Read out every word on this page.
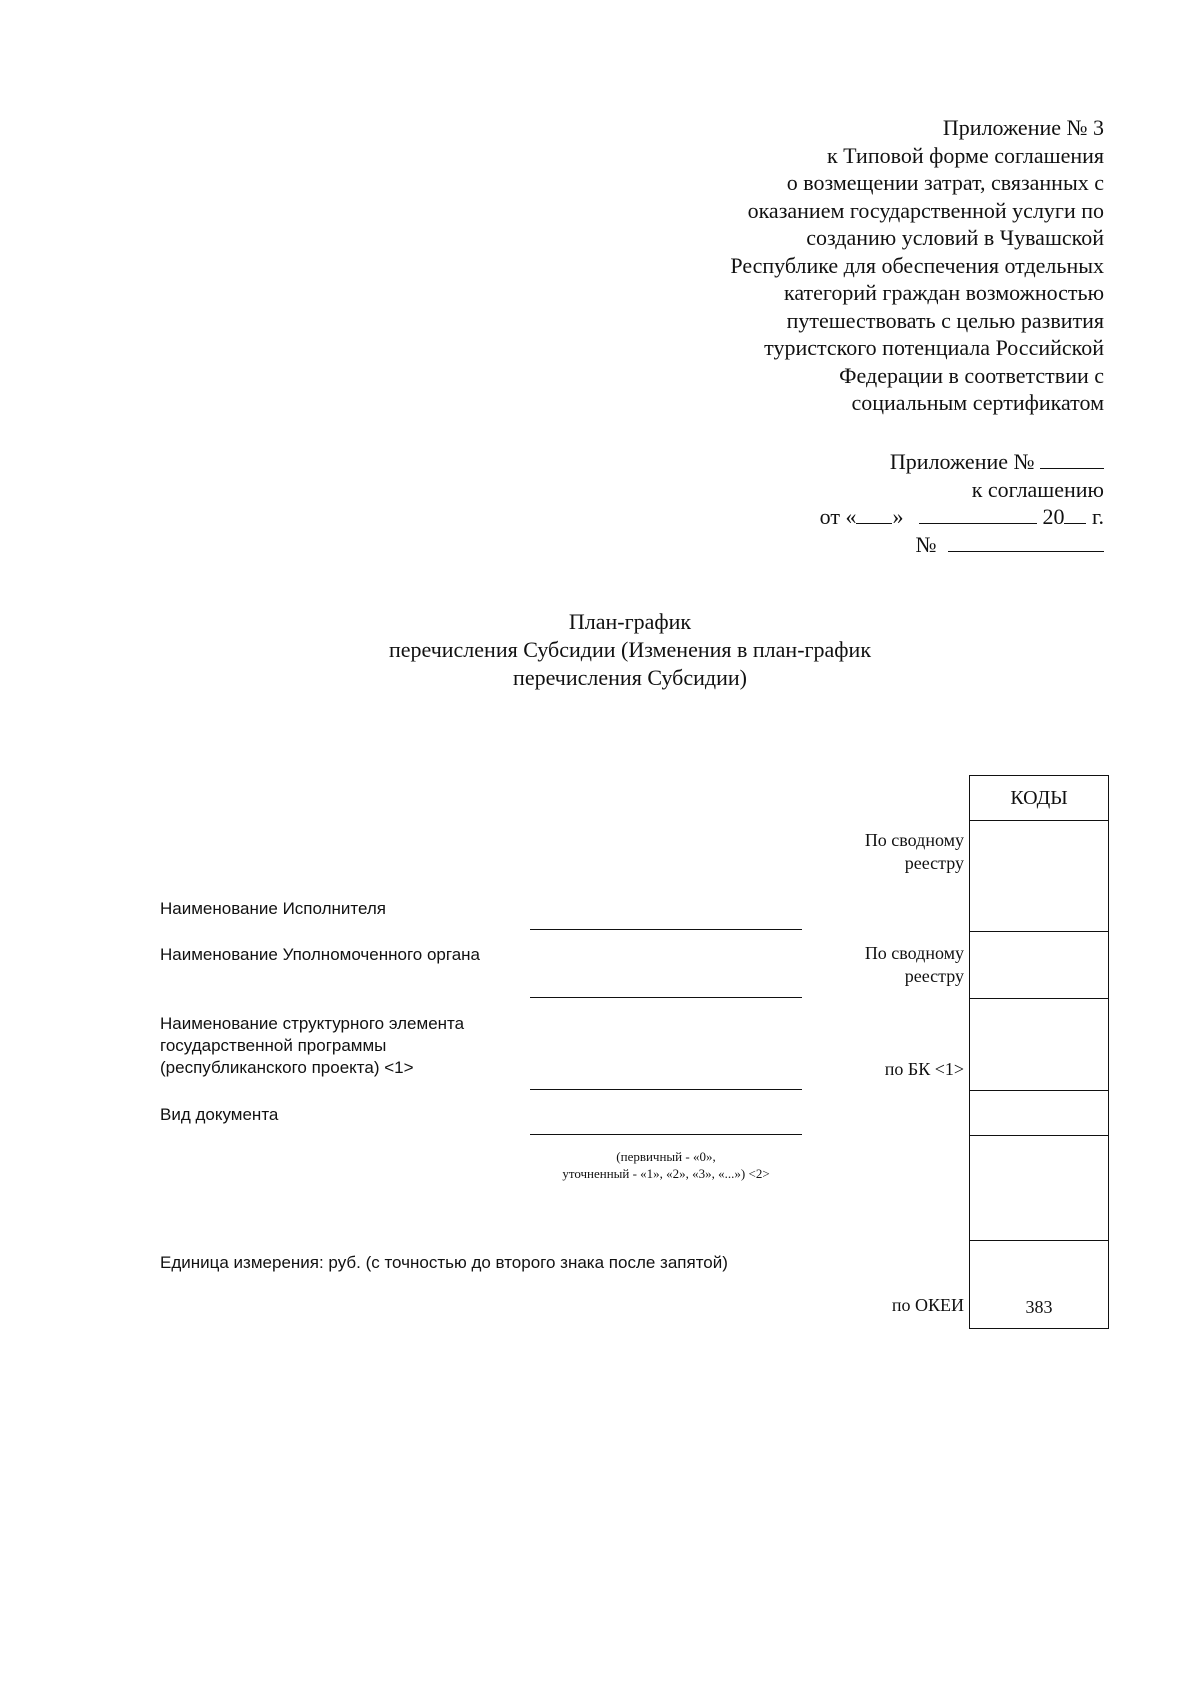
Приложение № 3
к Типовой форме соглашения
о возмещении затрат, связанных с
оказанием государственной услуги по
созданию условий в Чувашской
Республике для обеспечения отдельных
категорий граждан возможностью
путешествовать с целью развития
туристского потенциала Российской
Федерации в соответствии с
социальным сертификатом
Приложение №
к соглашению
от « »	20 г.
№
План-график
перечисления Субсидии (Изменения в план-график
перечисления Субсидии)
КОДЫ
383
По сводному
реестру
По сводному
реестру
по БК <1>
по ОКЕИ
Наименование Исполнителя
Наименование Уполномоченного органа
Наименование структурного элемента
государственной программы
(республиканского проекта) <1>
Вид документа
(первичный - «0»,
уточненный - «1», «2», «3», «...») <2>
Единица измерения: руб. (с точностью до второго знака после запятой)
